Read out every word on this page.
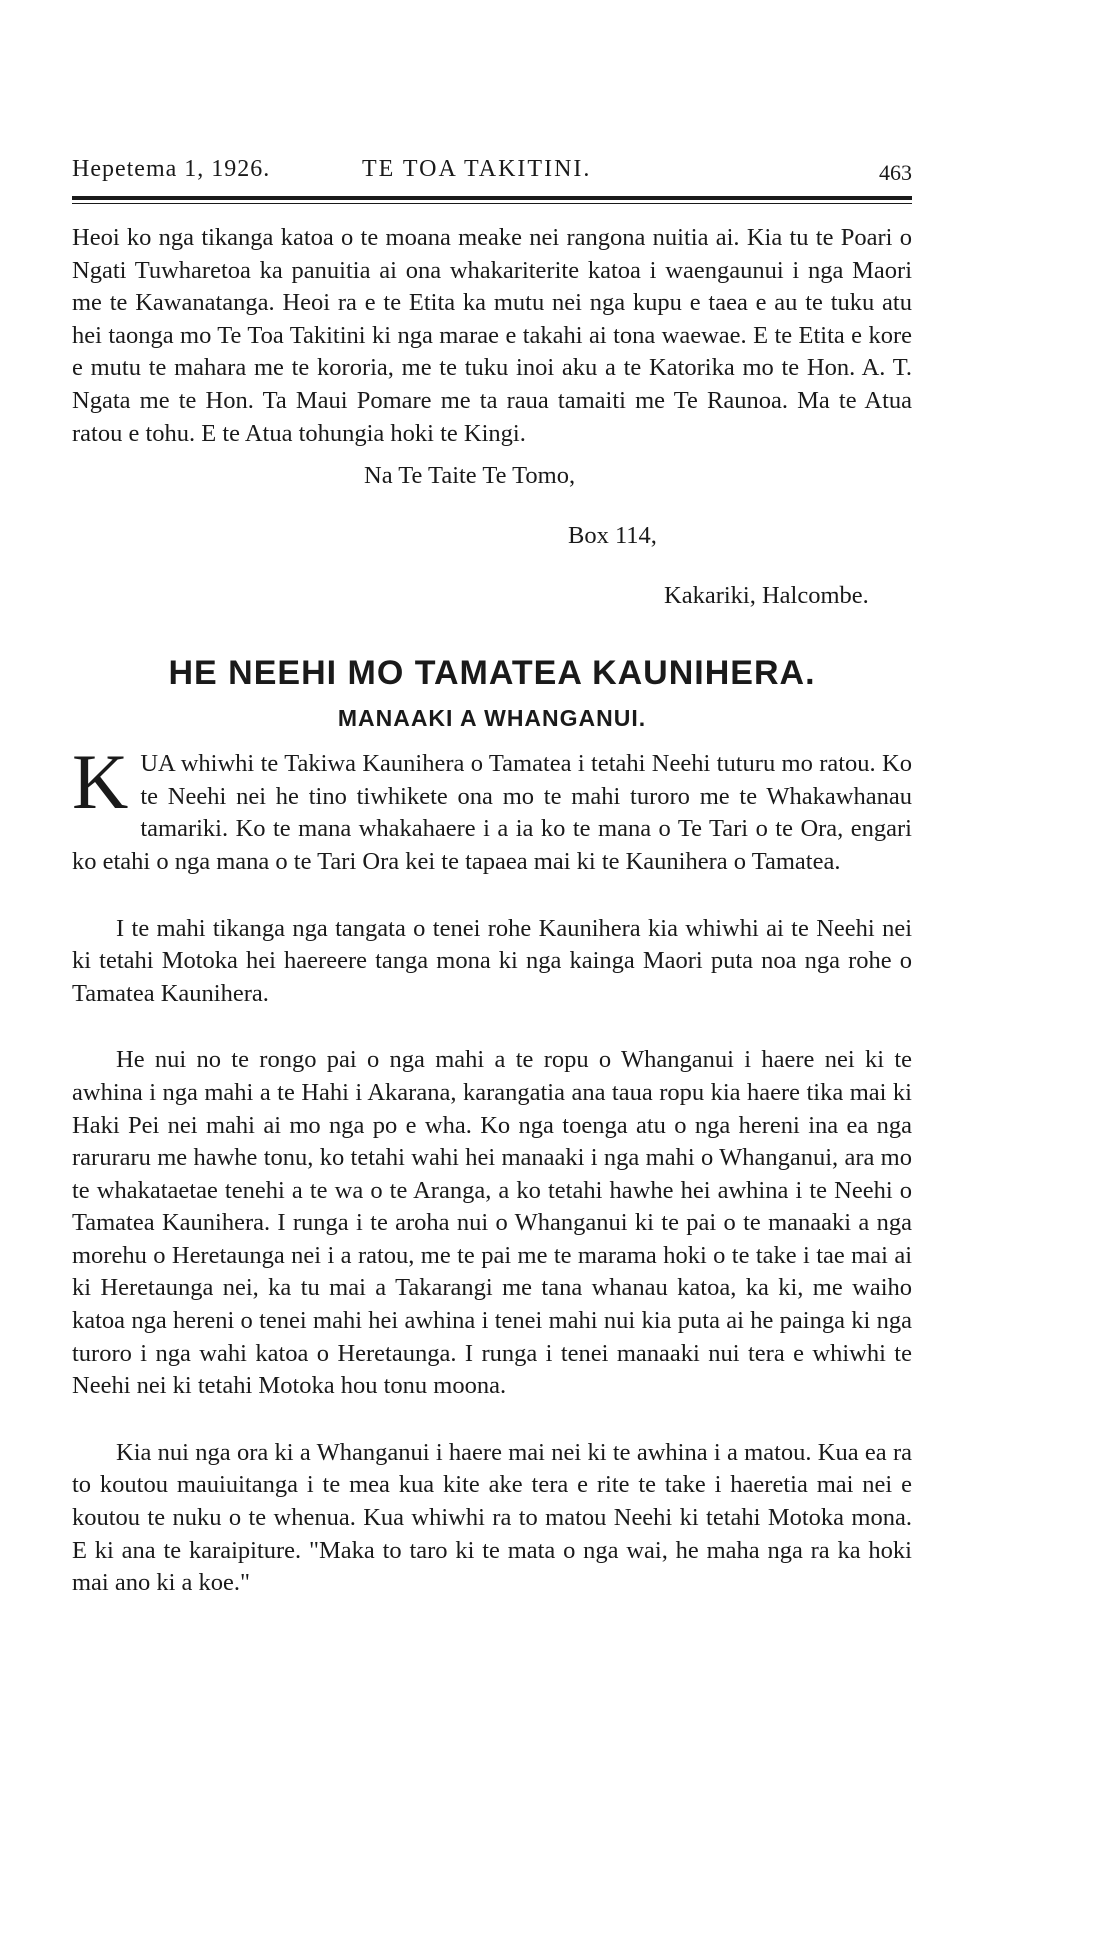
Hepetema 1, 1926.	TE TOA TAKITINI.	463

Heoi ko nga tikanga katoa o te moana meake nei rangona nuitia ai. Kia tu te Poari o Ngati Tuwharetoa ka panuitia ai ona whakariterite katoa i waengaunui i nga Maori me te Kawanatanga. Heoi ra e te Etita ka mutu nei nga kupu e taea e au te tuku atu hei taonga mo Te Toa Takitini ki nga marae e takahi ai tona waewae. E te Etita e kore e mutu te mahara me te kororia, me te tuku inoi aku a te Katorika mo te Hon. A. T. Ngata me te Hon. Ta Maui Pomare me ta raua tamaiti me Te Raunoa. Ma te Atua ratou e tohu. E te Atua tohungia hoki te Kingi.

Na Te Taite Te Tomo,
Box 114,
Kakariki, Halcombe.
HE NEEHI MO TAMATEA KAUNIHERA.
MANAAKI A WHANGANUI.
K UA whiwhi te Takiwa Kaunihera o Tamatea i tetahi Neehi tuturu mo ratou. Ko te Neehi nei he tino tiwhikete ona mo te mahi turoro me te Whakawhanau tamariki. Ko te mana whakahaere i a ia ko te mana o Te Tari o te Ora, engari ko etahi o nga mana o te Tari Ora kei te tapaea mai ki te Kaunihera o Tamatea.

I te mahi tikanga nga tangata o tenei rohe Kaunihera kia whiwhi ai te Neehi nei ki tetahi Motoka hei haereere tanga mona ki nga kainga Maori puta noa nga rohe o Tamatea Kaunihera.

He nui no te rongo pai o nga mahi a te ropu o Whanganui i haere nei ki te awhina i nga mahi a te Hahi i Akarana, karangatia ana taua ropu kia haere tika mai ki Haki Pei nei mahi ai mo nga po e wha. Ko nga toenga atu o nga hereni ina ea nga raruraru me hawhe tonu, ko tetahi wahi hei manaaki i nga mahi o Whanganui, ara mo te whakataetae tenehi a te wa o te Aranga, a ko tetahi hawhe hei awhina i te Neehi o Tamatea Kaunihera. I runga i te aroha nui o Whanganui ki te pai o te manaaki a nga morehu o Heretaunga nei i a ratou, me te pai me te marama hoki o te take i tae mai ai ki Heretaunga nei, ka tu mai a Takarangi me tana whanau katoa, ka ki, me waiho katoa nga hereni o tenei mahi hei awhina i tenei mahi nui kia puta ai he painga ki nga turoro i nga wahi katoa o Heretaunga. I runga i tenei manaaki nui tera e whiwhi te Neehi nei ki tetahi Motoka hou tonu moona.

Kia nui nga ora ki a Whanganui i haere mai nei ki te awhina i a matou. Kua ea ra to koutou mauiuitanga i te mea kua kite ake tera e rite te take i haeretia mai nei e koutou te nuku o te whenua. Kua whiwhi ra to matou Neehi ki tetahi Motoka mona. E ki ana te karaipiture. "Maka to taro ki te mata o nga wai, he maha nga ra ka hoki mai ano ki a koe."
